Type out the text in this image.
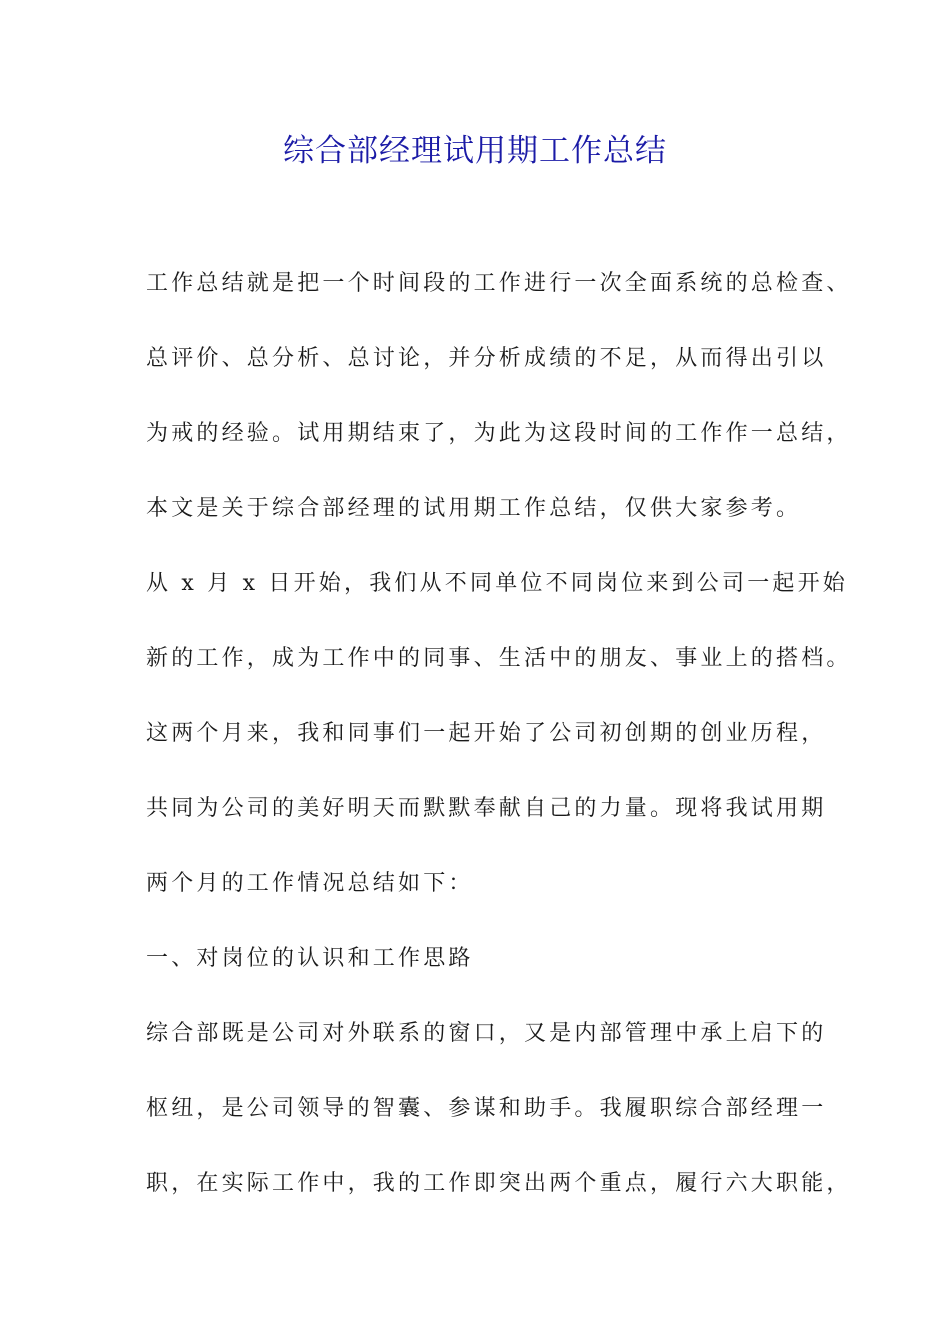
综合部经理试用期工作总结
工作总结就是把一个时间段的工作进行一次全面系统的总检查、
总评价、总分析、总讨论，并分析成绩的不足，从而得出引以
为戒的经验。试用期结束了，为此为这段时间的工作作一总结，
本文是关于综合部经理的试用期工作总结，仅供大家参考。
从 x 月 x 日开始，我们从不同单位不同岗位来到公司一起开始
新的工作，成为工作中的同事、生活中的朋友、事业上的搭档。
这两个月来，我和同事们一起开始了公司初创期的创业历程，
共同为公司的美好明天而默默奉献自己的力量。现将我试用期
两个月的工作情况总结如下：
一、对岗位的认识和工作思路
综合部既是公司对外联系的窗口，又是内部管理中承上启下的
枢纽，是公司领导的智囊、参谋和助手。我履职综合部经理一
职，在实际工作中，我的工作即突出两个重点，履行六大职能，
